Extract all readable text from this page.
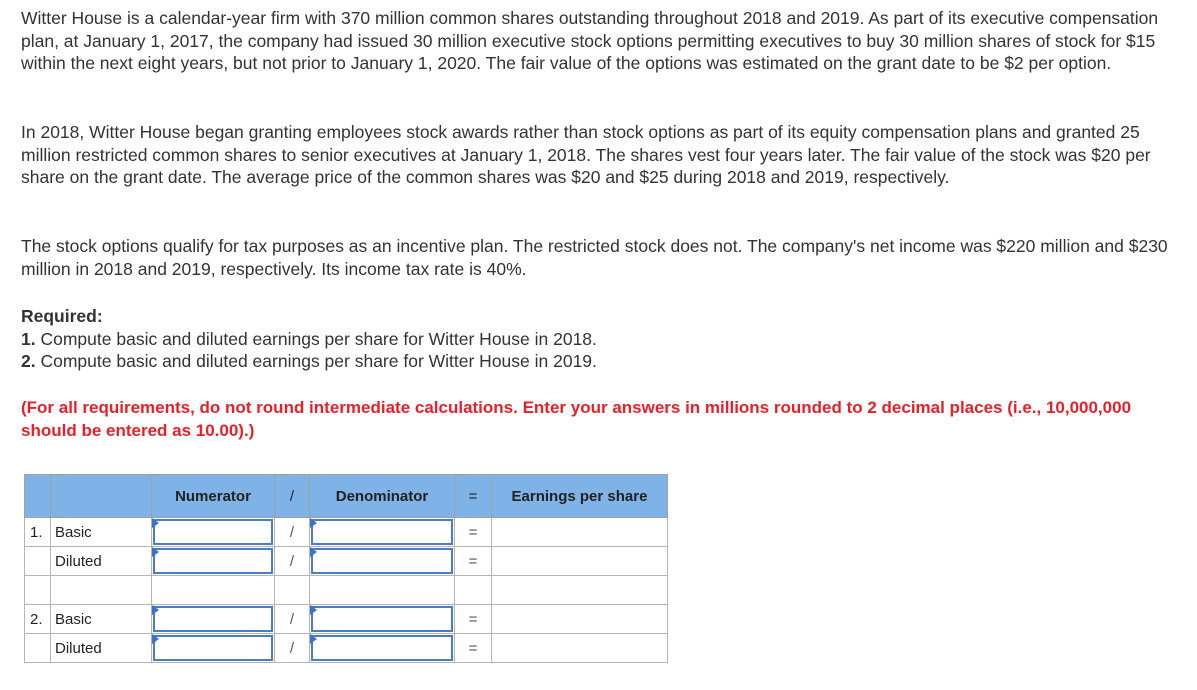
Witter House is a calendar-year firm with 370 million common shares outstanding throughout 2018 and 2019. As part of its executive compensation plan, at January 1, 2017, the company had issued 30 million executive stock options permitting executives to buy 30 million shares of stock for $15 within the next eight years, but not prior to January 1, 2020. The fair value of the options was estimated on the grant date to be $2 per option.

In 2018, Witter House began granting employees stock awards rather than stock options as part of its equity compensation plans and granted 25 million restricted common shares to senior executives at January 1, 2018. The shares vest four years later. The fair value of the stock was $20 per share on the grant date. The average price of the common shares was $20 and $25 during 2018 and 2019, respectively.

The stock options qualify for tax purposes as an incentive plan. The restricted stock does not. The company's net income was $220 million and $230 million in 2018 and 2019, respectively. Its income tax rate is 40%.

Required:
1. Compute basic and diluted earnings per share for Witter House in 2018.
2. Compute basic and diluted earnings per share for Witter House in 2019.
(For all requirements, do not round intermediate calculations. Enter your answers in millions rounded to 2 decimal places (i.e., 10,000,000 should be entered as 10.00).)
		Numerator	/	Denominator	=	Earnings per share
1.	Basic		/		=	
	Diluted		/		=	

2.	Basic		/		=	
	Diluted		/		=	
